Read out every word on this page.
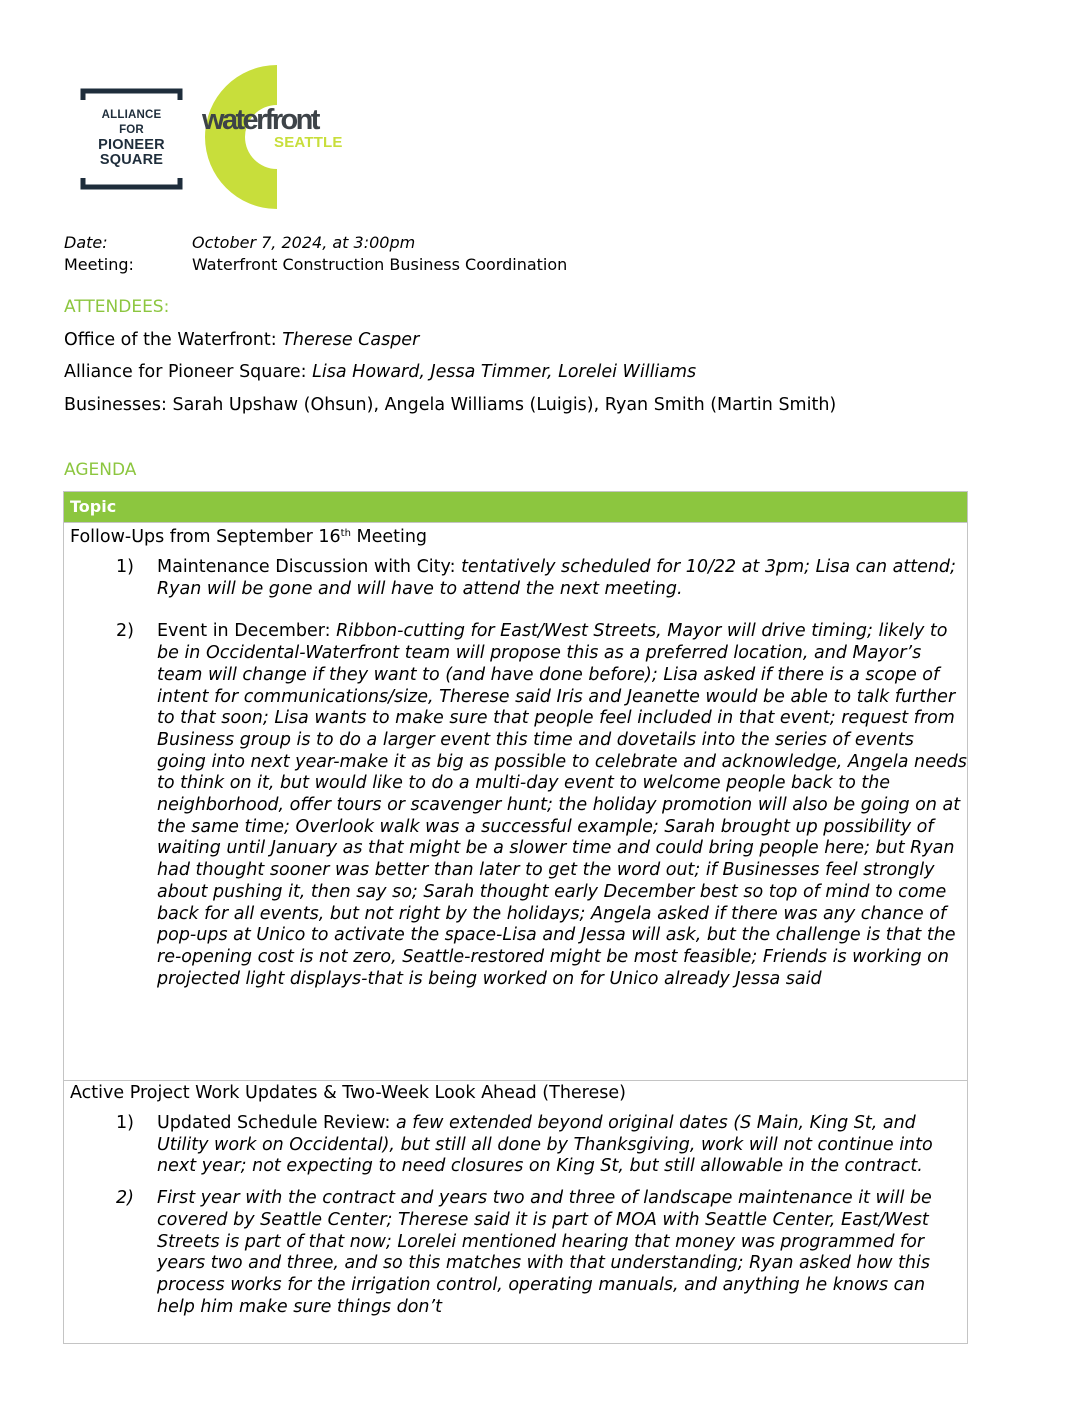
ALLIANCE
FOR
PIONEER
SQUARE
waterfront
SEATTLE
Date:	October 7, 2024, at 3:00pm
Meeting:	Waterfront Construction Business Coordination
ATTENDEES:
Office of the Waterfront: Therese Casper
Alliance for Pioneer Square: Lisa Howard, Jessa Timmer, Lorelei Williams
Businesses: Sarah Upshaw (Ohsun), Angela Williams (Luigis), Ryan Smith (Martin Smith)
AGENDA
Topic
Follow-Ups from September 16th Meeting
1)	Maintenance Discussion with City: tentatively scheduled for 10/22 at 3pm; Lisa can attend; Ryan will be gone and will have to attend the next meeting.
2)	Event in December: Ribbon-cutting for East/West Streets, Mayor will drive timing; likely to be in Occidental-Waterfront team will propose this as a preferred location, and Mayor’s team will change if they want to (and have done before); Lisa asked if there is a scope of intent for communications/size, Therese said Iris and Jeanette would be able to talk further to that soon; Lisa wants to make sure that people feel included in that event; request from Business group is to do a larger event this time and dovetails into the series of events going into next year-make it as big as possible to celebrate and acknowledge, Angela needs to think on it, but would like to do a multi-day event to welcome people back to the neighborhood, offer tours or scavenger hunt; the holiday promotion will also be going on at the same time; Overlook walk was a successful example; Sarah brought up possibility of waiting until January as that might be a slower time and could bring people here; but Ryan had thought sooner was better than later to get the word out; if Businesses feel strongly about pushing it, then say so; Sarah thought early December best so top of mind to come back for all events, but not right by the holidays; Angela asked if there was any chance of pop-ups at Unico to activate the space-Lisa and Jessa will ask, but the challenge is that the re-opening cost is not zero, Seattle-restored might be most feasible; Friends is working on projected light displays-that is being worked on for Unico already Jessa said
Active Project Work Updates & Two-Week Look Ahead (Therese)
1)	Updated Schedule Review: a few extended beyond original dates (S Main, King St, and Utility work on Occidental), but still all done by Thanksgiving, work will not continue into next year; not expecting to need closures on King St, but still allowable in the contract.
2)	First year with the contract and years two and three of landscape maintenance it will be covered by Seattle Center; Therese said it is part of MOA with Seattle Center, East/West Streets is part of that now; Lorelei mentioned hearing that money was programmed for years two and three, and so this matches with that understanding; Ryan asked how this process works for the irrigation control, operating manuals, and anything he knows can help him make sure things don’t
